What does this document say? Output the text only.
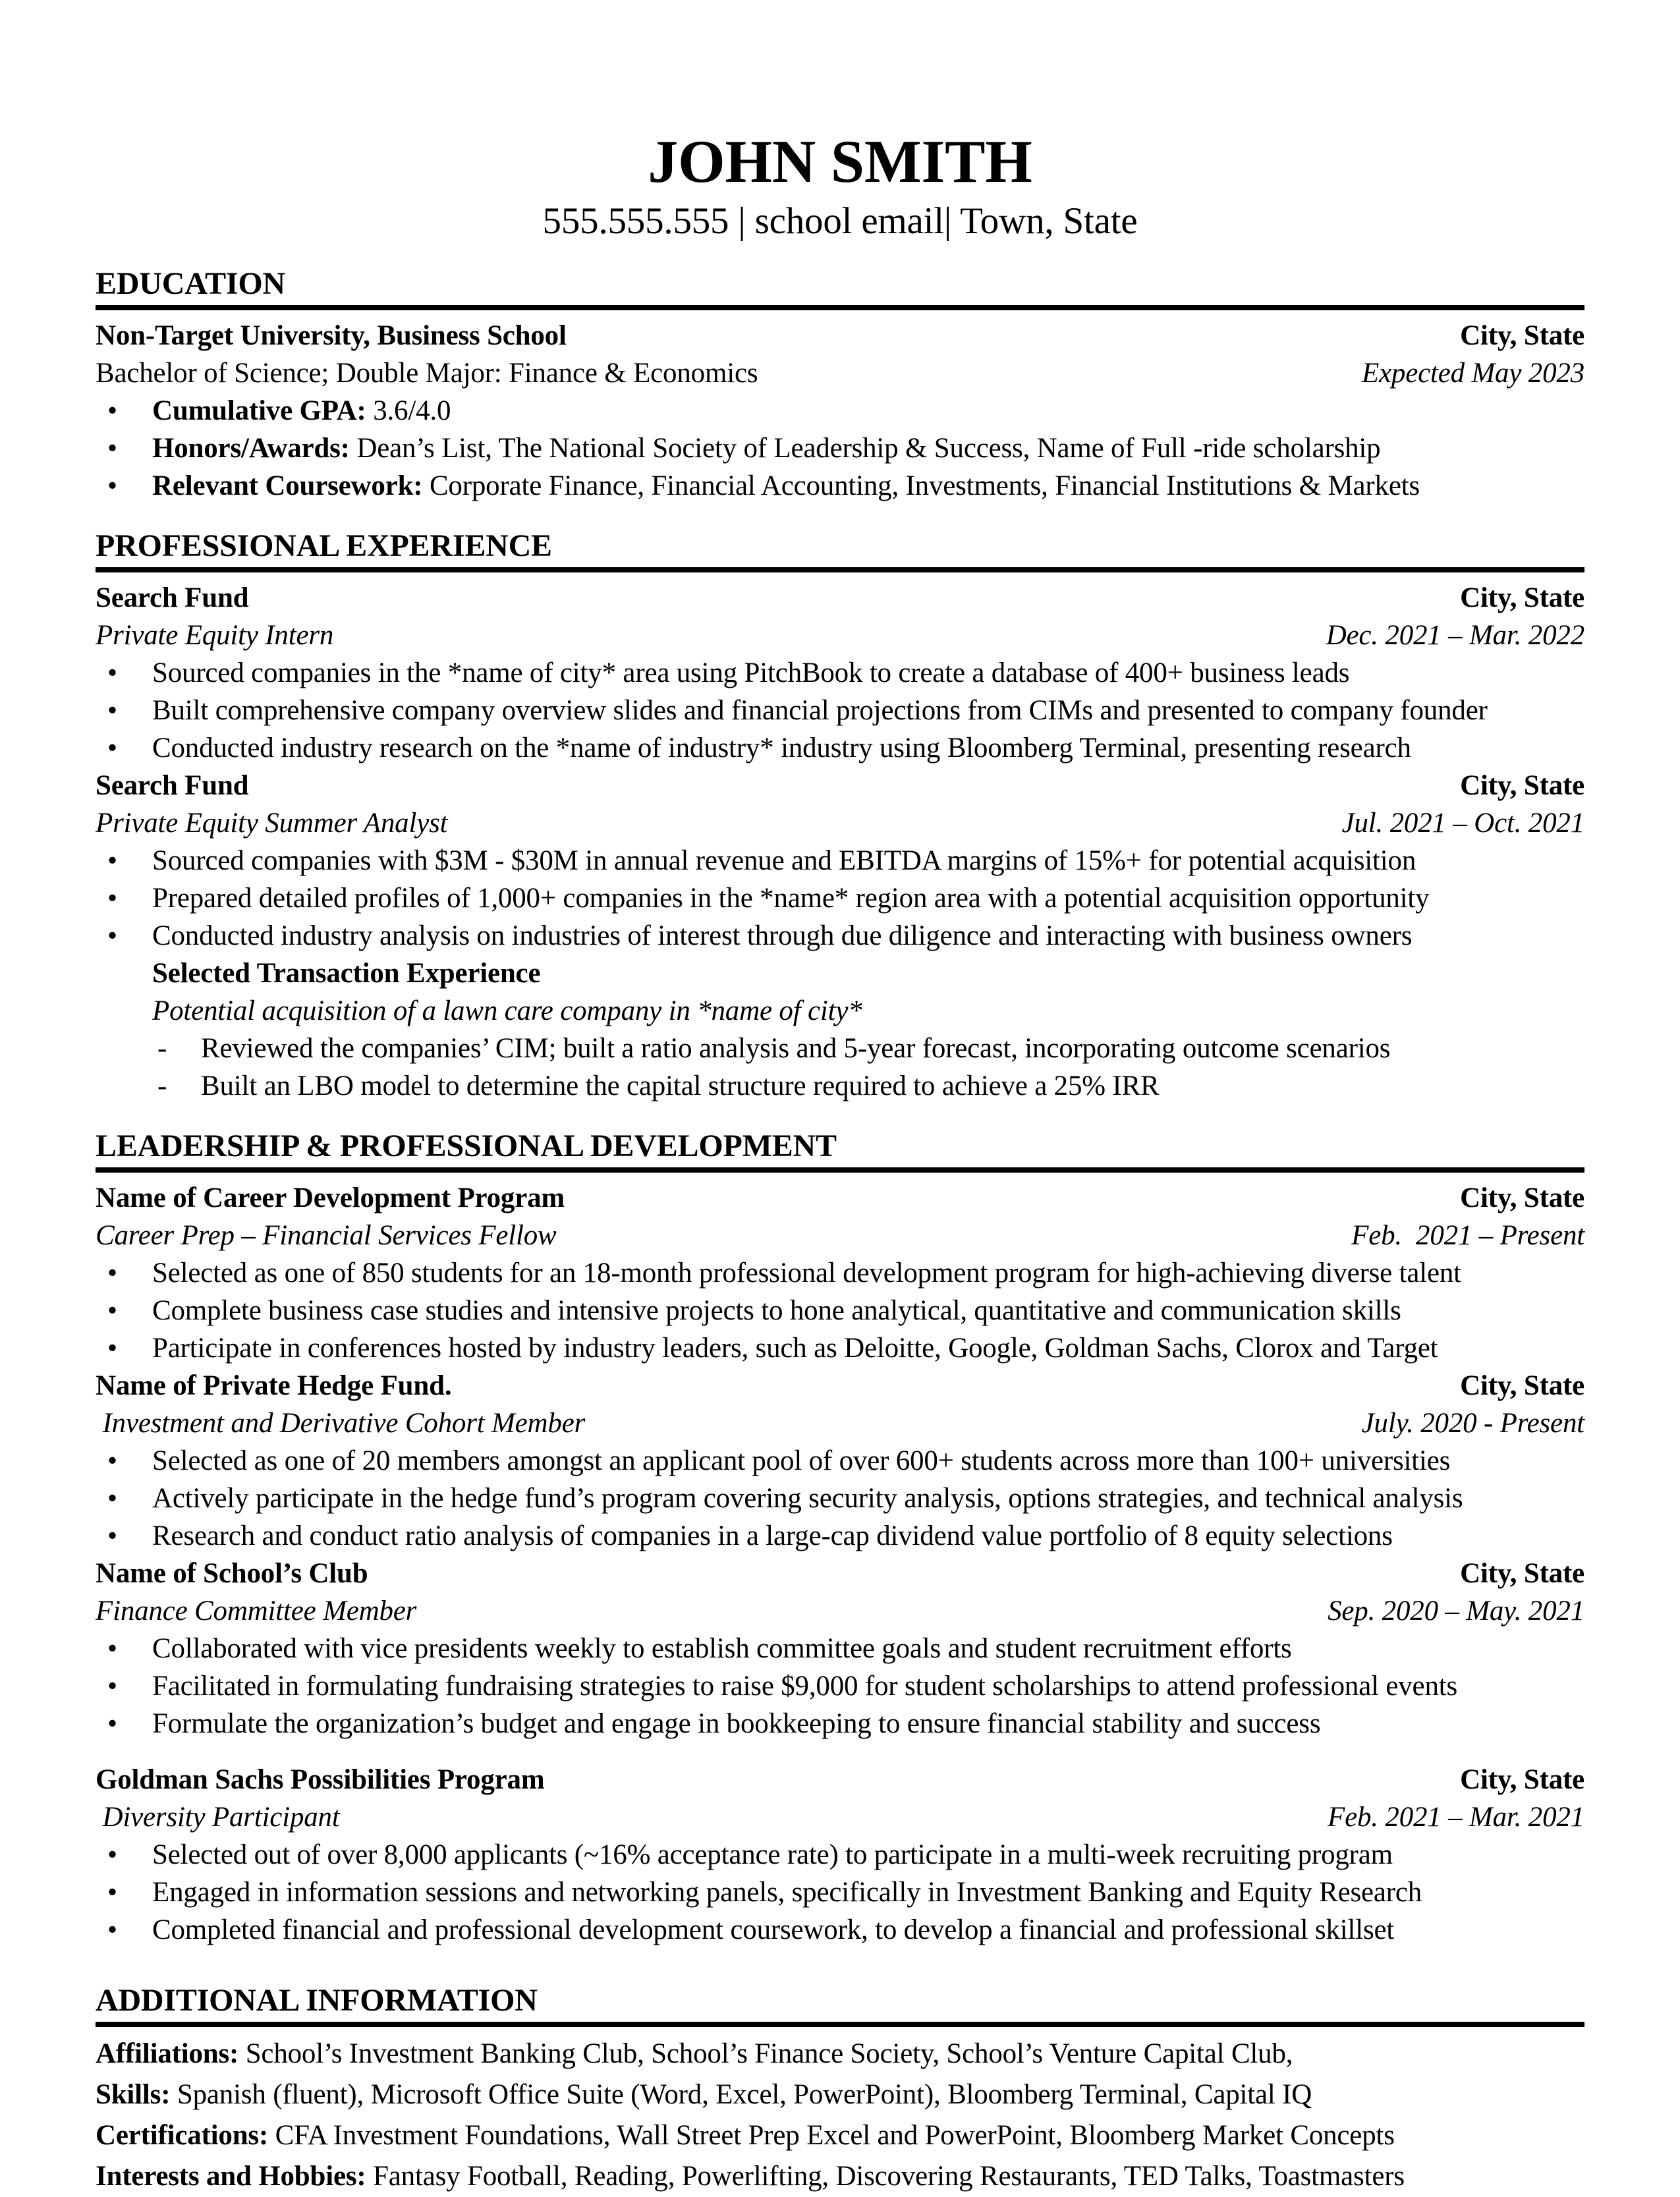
JOHN SMITH
555.555.555 | school email| Town, State
EDUCATION
Non-Target University, Business School	City, State
Bachelor of Science; Double Major: Finance & Economics	Expected May 2023
•
Cumulative GPA: 3.6/4.0
•
Honors/Awards: Dean’s List, The National Society of Leadership & Success, Name of Full -ride scholarship
•
Relevant Coursework: Corporate Finance, Financial Accounting, Investments, Financial Institutions & Markets
PROFESSIONAL EXPERIENCE
Search Fund	City, State
Private Equity Intern	Dec. 2021 – Mar. 2022
•
Sourced companies in the *name of city* area using PitchBook to create a database of 400+ business leads
•
Built comprehensive company overview slides and financial projections from CIMs and presented to company founder
•
Conducted industry research on the *name of industry* industry using Bloomberg Terminal, presenting research
Search Fund	City, State
Private Equity Summer Analyst	Jul. 2021 – Oct. 2021
•
Sourced companies with $3M - $30M in annual revenue and EBITDA margins of 15%+ for potential acquisition
•
Prepared detailed profiles of 1,000+ companies in the *name* region area with a potential acquisition opportunity
•
Conducted industry analysis on industries of interest through due diligence and interacting with business owners
Selected Transaction Experience
Potential acquisition of a lawn care company in *name of city*
-
Reviewed the companies’ CIM; built a ratio analysis and 5-year forecast, incorporating outcome scenarios
-
Built an LBO model to determine the capital structure required to achieve a 25% IRR
LEADERSHIP & PROFESSIONAL DEVELOPMENT
Name of Career Development Program	City, State
Career Prep – Financial Services Fellow	Feb.  2021 – Present
•
Selected as one of 850 students for an 18-month professional development program for high-achieving diverse talent
•
Complete business case studies and intensive projects to hone analytical, quantitative and communication skills
•
Participate in conferences hosted by industry leaders, such as Deloitte, Google, Goldman Sachs, Clorox and Target
Name of Private Hedge Fund.	City, State
Investment and Derivative Cohort Member	July. 2020 - Present
•
Selected as one of 20 members amongst an applicant pool of over 600+ students across more than 100+ universities
•
Actively participate in the hedge fund’s program covering security analysis, options strategies, and technical analysis
•
Research and conduct ratio analysis of companies in a large-cap dividend value portfolio of 8 equity selections
Name of School’s Club	City, State
Finance Committee Member	Sep. 2020 – May. 2021
•
Collaborated with vice presidents weekly to establish committee goals and student recruitment efforts
•
Facilitated in formulating fundraising strategies to raise $9,000 for student scholarships to attend professional events
•
Formulate the organization’s budget and engage in bookkeeping to ensure financial stability and success
Goldman Sachs Possibilities Program	City, State
Diversity Participant	Feb. 2021 – Mar. 2021
•
Selected out of over 8,000 applicants (~16% acceptance rate) to participate in a multi-week recruiting program
•
Engaged in information sessions and networking panels, specifically in Investment Banking and Equity Research
•
Completed financial and professional development coursework, to develop a financial and professional skillset
ADDITIONAL INFORMATION
Affiliations: School’s Investment Banking Club, School’s Finance Society, School’s Venture Capital Club,
Skills: Spanish (fluent), Microsoft Office Suite (Word, Excel, PowerPoint), Bloomberg Terminal, Capital IQ
Certifications: CFA Investment Foundations, Wall Street Prep Excel and PowerPoint, Bloomberg Market Concepts
Interests and Hobbies: Fantasy Football, Reading, Powerlifting, Discovering Restaurants, TED Talks, Toastmasters
